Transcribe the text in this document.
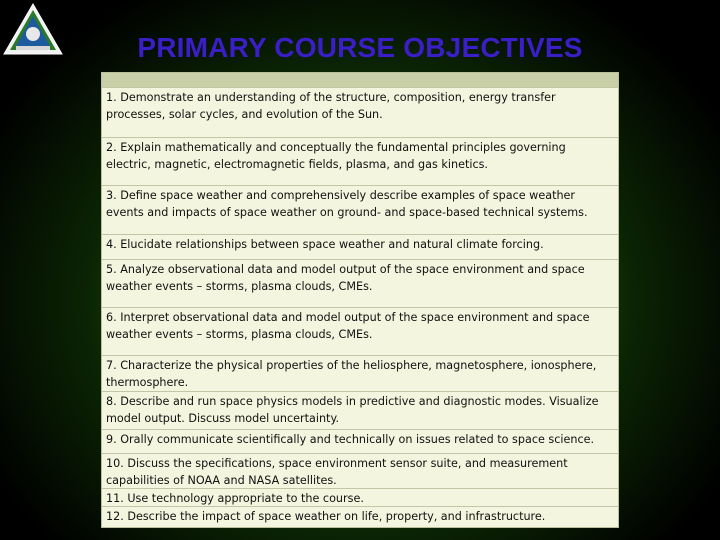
PRIMARY COURSE OBJECTIVES
1. Demonstrate an understanding of the structure, composition, energy transfer processes, solar cycles, and evolution of the Sun.
2. Explain mathematically and conceptually the fundamental principles governing electric, magnetic, electromagnetic fields, plasma, and gas kinetics.
3. Define space weather and comprehensively describe examples of space weather events and impacts of space weather on ground- and space-based technical systems.
4. Elucidate relationships between space weather and natural climate forcing.
5. Analyze observational data and model output of the space environment and space weather events – storms, plasma clouds, CMEs.
6. Interpret observational data and model output of the space environment and space weather events – storms, plasma clouds, CMEs.
7. Characterize the physical properties of the heliosphere, magnetosphere, ionosphere, thermosphere.
8. Describe and run space physics models in predictive and diagnostic modes. Visualize model output. Discuss model uncertainty.
9. Orally communicate scientifically and technically on issues related to space science.
10. Discuss the specifications, space environment sensor suite, and measurement capabilities of NOAA and NASA satellites.
11. Use technology appropriate to the course.
12. Describe the impact of space weather on life, property, and infrastructure.
